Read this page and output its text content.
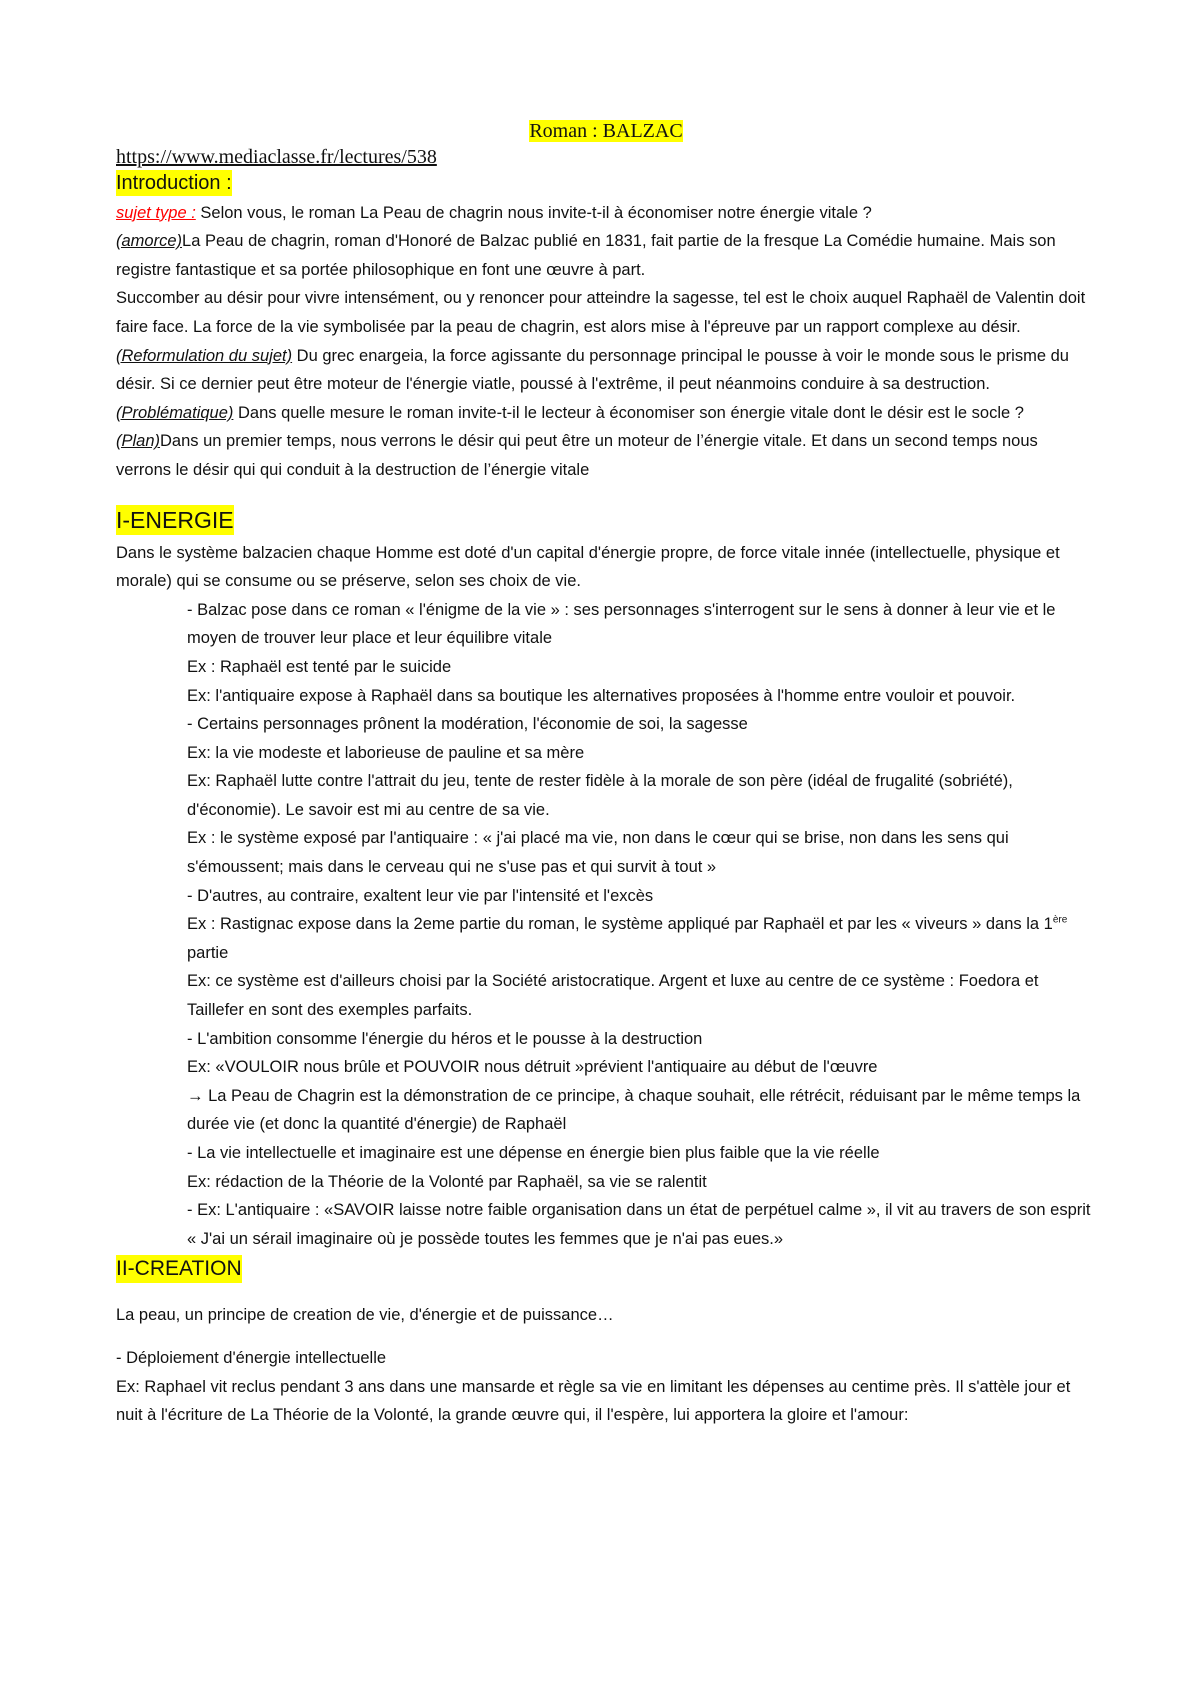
Roman : BALZAC
https://www.mediaclasse.fr/lectures/538
Introduction :

sujet type : Selon vous, le roman La Peau de chagrin nous invite-t-il à économiser notre énergie vitale ?

(amorce)La Peau de chagrin, roman d'Honoré de Balzac publié en 1831, fait partie de la fresque La Comédie humaine. Mais son registre fantastique et sa portée philosophique en font une œuvre à part.

Succomber au désir pour vivre intensément, ou y renoncer pour atteindre la sagesse, tel est le choix auquel Raphaël de Valentin doit faire face. La force de la vie symbolisée par la peau de chagrin, est alors mise à l'épreuve par un rapport complexe au désir.

(Reformulation du sujet) Du grec enargeia, la force agissante du personnage principal le pousse à voir le monde sous le prisme du désir. Si ce dernier peut être moteur de l'énergie viatle, poussé à l'extrême, il peut néanmoins conduire à sa destruction.

(Problématique) Dans quelle mesure le roman invite-t-il le lecteur à économiser son énergie vitale dont le désir est le socle ?

(Plan)Dans un premier temps, nous verrons le désir qui peut être un moteur de l’énergie vitale. Et dans un second temps nous verrons le désir qui qui conduit à la destruction de l’énergie vitale

I-ENERGIE

Dans le système balzacien chaque Homme est doté d'un capital d'énergie propre, de force vitale innée (intellectuelle, physique et morale) qui se consume ou se préserve, selon ses choix de vie.

- Balzac pose dans ce roman « l'énigme de la vie » : ses personnages s'interrogent sur le sens à donner à leur vie et le moyen de trouver leur place et leur équilibre vitale

Ex : Raphaël est tenté par le suicide

Ex: l'antiquaire expose à Raphaël dans sa boutique les alternatives proposées à l'homme entre vouloir et pouvoir.

- Certains personnages prônent la modération, l'économie de soi, la sagesse

Ex: la vie modeste et laborieuse de pauline et sa mère

Ex: Raphaël lutte contre l'attrait du jeu, tente de rester fidèle à la morale de son père (idéal de frugalité (sobriété), d'économie). Le savoir est mi au centre de sa vie.

Ex : le système exposé par l'antiquaire : « j'ai placé ma vie, non dans le cœur qui se brise, non dans les sens qui s'émoussent; mais dans le cerveau qui ne s'use pas et qui survit à tout »

- D'autres, au contraire, exaltent leur vie par l'intensité et l'excès

Ex : Rastignac expose dans la 2eme partie du roman, le système appliqué par Raphaël et par les « viveurs » dans la 1ère partie

Ex: ce système est d'ailleurs choisi par la Société aristocratique. Argent et luxe au centre de ce système : Foedora et Taillefer en sont des exemples parfaits.

- L'ambition consomme l'énergie du héros et le pousse à la destruction

Ex: «VOULOIR nous brûle et POUVOIR nous détruit »prévient l'antiquaire au début de l'œuvre

→ La Peau de Chagrin est la démonstration de ce principe, à chaque souhait, elle rétrécit, réduisant par le même temps la durée vie (et donc la quantité d'énergie) de Raphaël

- La vie intellectuelle et imaginaire est une dépense en énergie bien plus faible que la vie réelle

Ex: rédaction de la Théorie de la Volonté par Raphaël, sa vie se ralentit

- Ex: L'antiquaire : «SAVOIR laisse notre faible organisation dans un état de perpétuel calme », il vit au travers de son esprit « J'ai un sérail imaginaire où je possède toutes les femmes que je n'ai pas eues.»

II-CREATION

La peau, un principe de creation de vie, d'énergie et de puissance…

- Déploiement d'énergie intellectuelle

Ex: Raphael vit reclus pendant 3 ans dans une mansarde et règle sa vie en limitant les dépenses au centime près. Il s'attèle jour et nuit à l'écriture de La Théorie de la Volonté, la grande œuvre qui, il l'espère, lui apportera la gloire et l'amour:
